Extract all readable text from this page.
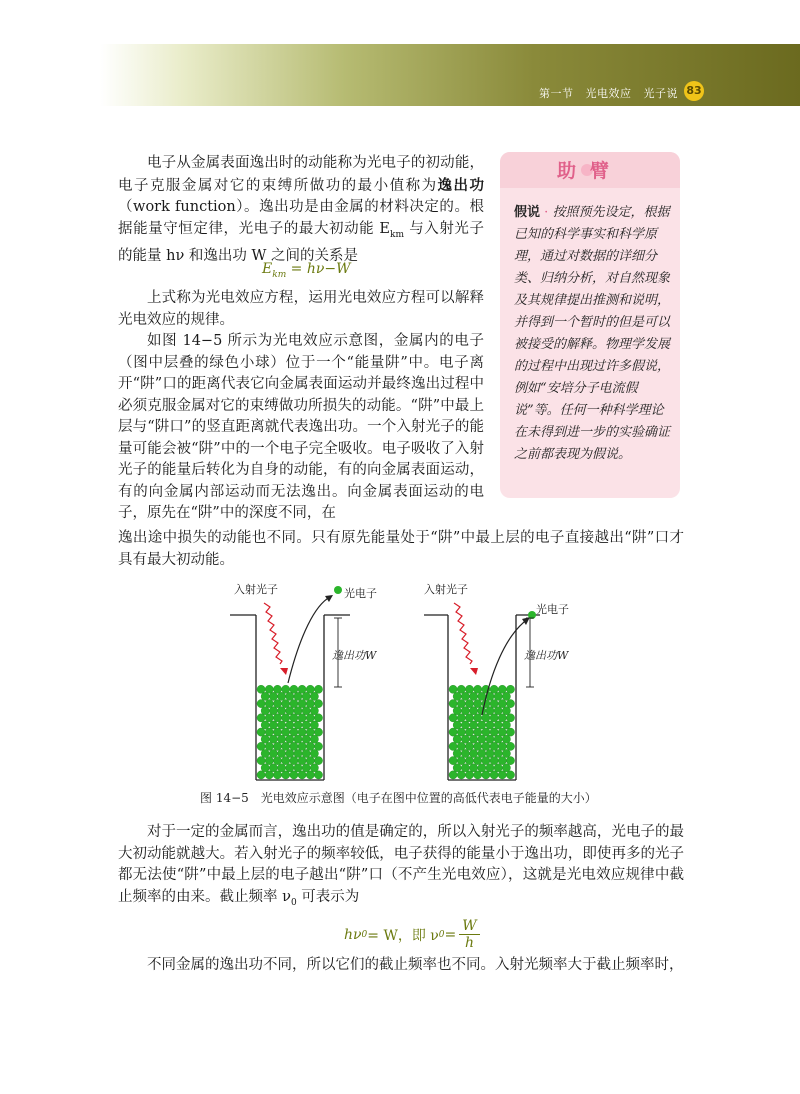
第一节 光电效应 光子说 83

电子从金属表面逸出时的动能称为光电子的初动能，电子克服金属对它的束缚所做功的最小值称为逸出功（work function）。逸出功是由金属的材料决定的。根据能量守恒定律，光电子的最大初动能 $E_{km}$ 与入射光子的能量 hν 和逸出功 W 之间的关系是

$E_{km} = h\nu-W$

上式称为光电效应方程，运用光电效应方程可以解释光电效应的规律。

如图 14−5 所示为光电效应示意图，金属内的电子（图中层叠的绿色小球）位于一个“能量阱”中。电子离开“阱”口的距离代表它向金属表面运动并最终逸出过程中必须克服金属对它的束缚做功所损失的动能。“阱”中最上层与“阱口”的竖直距离就代表逸出功。一个入射光子的能量可能会被“阱”中的一个电子完全吸收。电子吸收了入射光子的能量后转化为自身的动能，有的向金属表面运动，有的向金属内部运动而无法逸出。向金属表面运动的电子，原先在“阱”中的深度不同，在

逸出途中损失的动能也不同。只有原先能量处于“阱”中最上层的电子直接越出“阱”口才具有最大初动能。

助臂
假说 · 按照预先设定，根据已知的科学事实和科学原理，通过对数据的详细分类、归纳分析，对自然现象及其规律提出推测和说明，并得到一个暂时的但是可以被接受的解释。物理学发展的过程中出现过许多假说，例如“安培分子电流假说”等。任何一种科学理论在未得到进一步的实验确证之前都表现为假说。
入射光子	光电子
逸出功W
入射光子
光电子
逸出功W
图 14−5 光电效应示意图（电子在图中位置的高低代表电子能量的大小）

对于一定的金属而言，逸出功的值是确定的，所以入射光子的频率越高，光电子的最大初动能就越大。若入射光子的频率较低，电子获得的能量小于逸出功，即使再多的光子都无法使“阱”中最上层的电子越出“阱”口（不产生光电效应），这就是光电效应规律中截止频率的由来。截止频率 $\nu_0$ 可表示为

hν 0 = W，即 ν $0 = \frac{W}{h}$

不同金属的逸出功不同，所以它们的截止频率也不同。入射光频率大于截止频率时，
